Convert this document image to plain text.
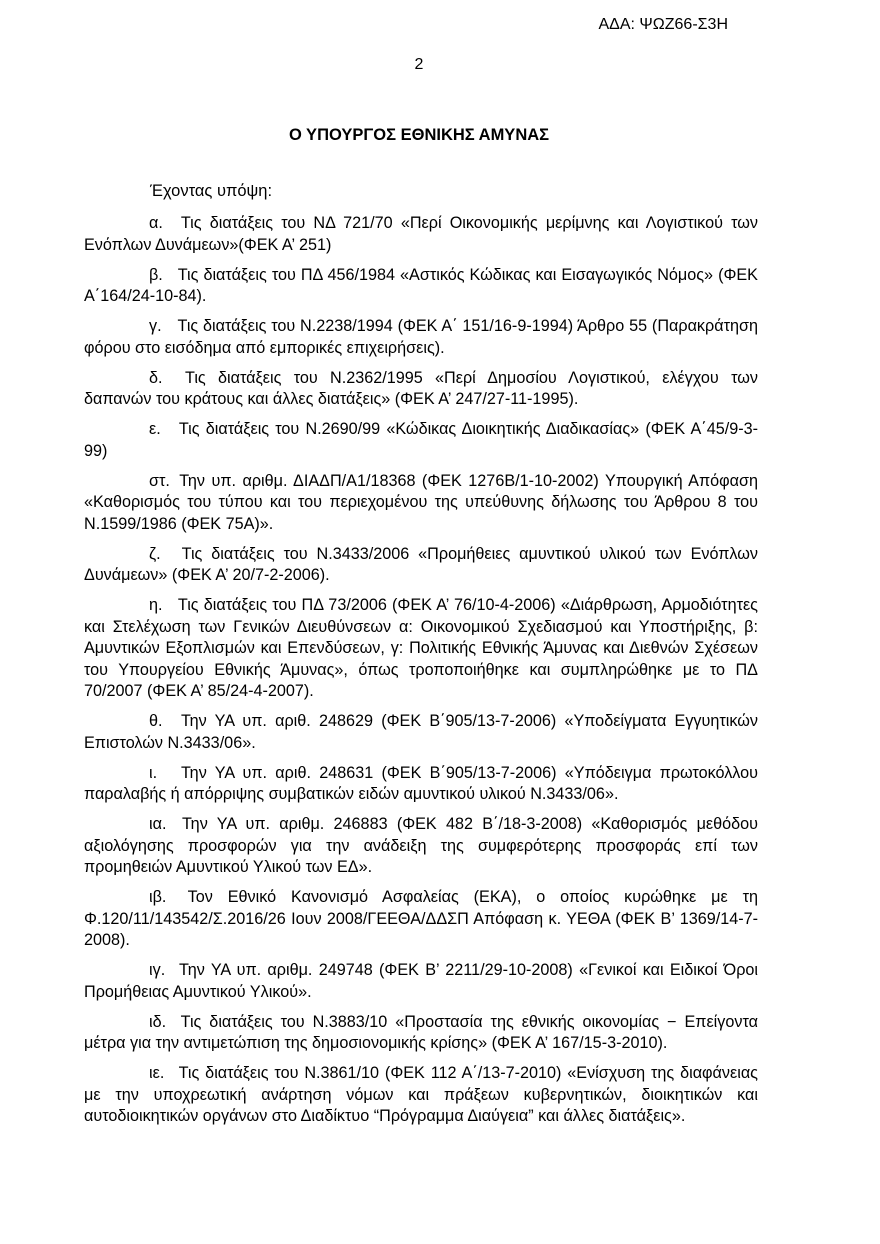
ΑΔΑ: ΨΩΖ66-Σ3Η
2
Ο ΥΠΟΥΡΓΟΣ ΕΘΝΙΚΗΣ ΑΜΥΝΑΣ
Έχοντας υπόψη:

α. Τις διατάξεις του ΝΔ 721/70 «Περί Οικονομικής μερίμνης και Λογιστικού των Ενόπλων Δυνάμεων»(ΦΕΚ Α’ 251)

β. Τις διατάξεις του ΠΔ 456/1984 «Αστικός Κώδικας και Εισαγωγικός Νόμος» (ΦΕΚ Α΄164/24-10-84).

γ. Τις διατάξεις του Ν.2238/1994 (ΦΕΚ Α΄ 151/16-9-1994) Άρθρο 55 (Παρακράτηση φόρου στο εισόδημα από εμπορικές επιχειρήσεις).

δ. Τις διατάξεις του Ν.2362/1995 «Περί Δημοσίου Λογιστικού, ελέγχου των δαπανών του κράτους και άλλες διατάξεις» (ΦΕΚ Α’ 247/27-11-1995).

ε. Τις διατάξεις του Ν.2690/99 «Κώδικας Διοικητικής Διαδικασίας» (ΦΕΚ Α΄45/9-3-99)

στ. Την υπ. αριθμ. ΔΙΑΔΠ/Α1/18368 (ΦΕΚ 1276Β/1-10-2002) Υπουργική Απόφαση «Καθορισμός του τύπου και του περιεχομένου της υπεύθυνης δήλωσης του Άρθρου 8 του Ν.1599/1986 (ΦΕΚ 75Α)».

ζ. Τις διατάξεις του Ν.3433/2006 «Προμήθειες αμυντικού υλικού των Ενόπλων Δυνάμεων» (ΦΕΚ Α’ 20/7-2-2006).

η. Τις διατάξεις του ΠΔ 73/2006 (ΦΕΚ Α’ 76/10-4-2006) «Διάρθρωση, Αρμοδιότητες και Στελέχωση των Γενικών Διευθύνσεων α: Οικονομικού Σχεδιασμού και Υποστήριξης, β: Αμυντικών Εξοπλισμών και Επενδύσεων, γ: Πολιτικής Εθνικής Άμυνας και Διεθνών Σχέσεων του Υπουργείου Εθνικής Άμυνας», όπως τροποποιήθηκε και συμπληρώθηκε με το ΠΔ 70/2007 (ΦΕΚ Α’ 85/24-4-2007).

θ. Την ΥΑ υπ. αριθ. 248629 (ΦΕΚ Β΄905/13-7-2006) «Υποδείγματα Εγγυητικών Επιστολών Ν.3433/06».

ι. Την ΥΑ υπ. αριθ. 248631 (ΦΕΚ Β΄905/13-7-2006) «Υπόδειγμα πρωτοκόλλου παραλαβής ή απόρριψης συμβατικών ειδών αμυντικού υλικού Ν.3433/06».

ια. Την ΥΑ υπ. αριθμ. 246883 (ΦΕΚ 482 Β΄/18-3-2008) «Καθορισμός μεθόδου αξιολόγησης προσφορών για την ανάδειξη της συμφερότερης προσφοράς επί των προμηθειών Αμυντικού Υλικού των ΕΔ».

ιβ. Τον Εθνικό Κανονισμό Ασφαλείας (ΕΚΑ), ο οποίος κυρώθηκε με τη Φ.120/11/143542/Σ.2016/26 Ιουν 2008/ΓΕΕΘΑ/ΔΔΣΠ Απόφαση κ. ΥΕΘΑ (ΦΕΚ Β’ 1369/14-7-2008).

ιγ. Την ΥΑ υπ. αριθμ. 249748 (ΦΕΚ Β’ 2211/29-10-2008) «Γενικοί και Ειδικοί Όροι Προμήθειας Αμυντικού Υλικού».

ιδ. Τις διατάξεις του Ν.3883/10 «Προστασία της εθνικής οικονομίας − Επείγοντα μέτρα για την αντιμετώπιση της δημοσιονομικής κρίσης» (ΦΕΚ Α’ 167/15-3-2010).

ιε. Τις διατάξεις του Ν.3861/10 (ΦΕΚ 112 Α΄/13-7-2010) «Ενίσχυση της διαφάνειας με την υποχρεωτική ανάρτηση νόμων και πράξεων κυβερνητικών, διοικητικών και αυτοδιοικητικών οργάνων στο Διαδίκτυο “Πρόγραμμα Διαύγεια” και άλλες διατάξεις».
